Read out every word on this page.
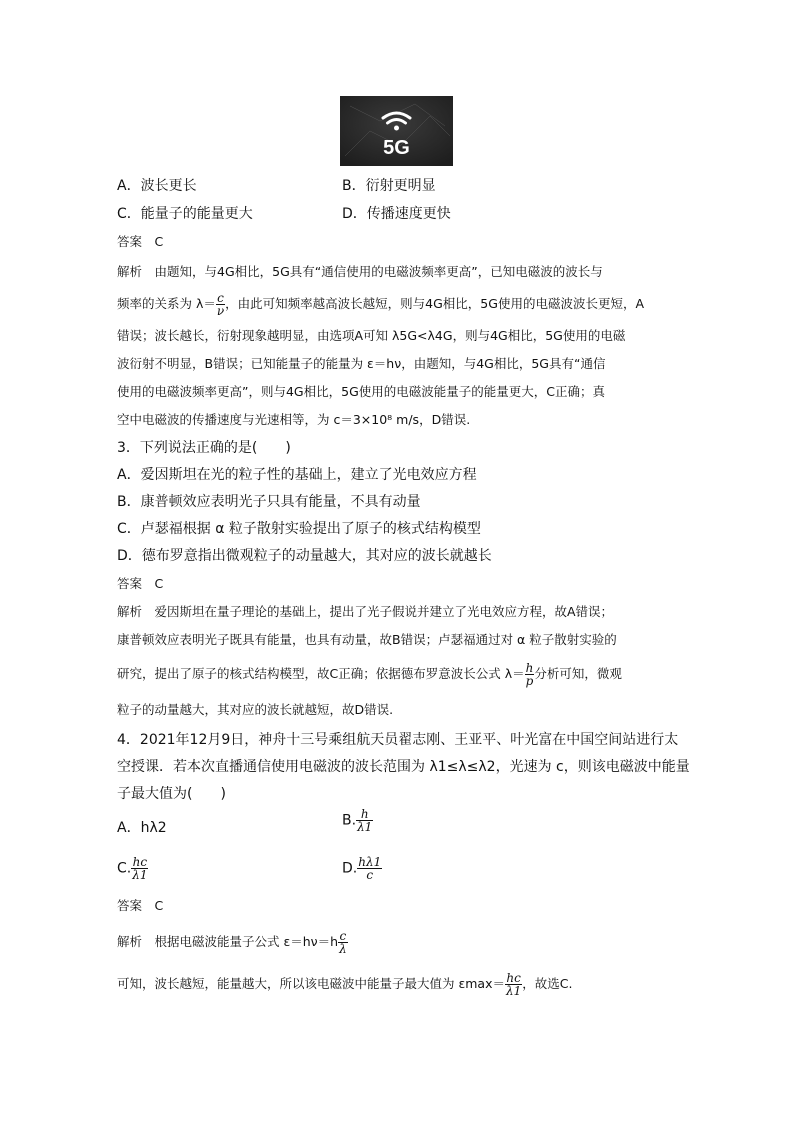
5G
A．波长更长	B．衍射更明显
C．能量子的能量更大	D．传播速度更快
答案　C
解析　由题知，与4G相比，5G具有“通信使用的电磁波频率更高”，已知电磁波的波长与
频率的关系为 $\lambda= \frac{c}{\nu}$ ，由此可知频率越高波长越短，则与4G相比，5G使用的电磁波波长更短，A
错误；波长越长，衍射现象越明显，由选项A可知 λ5G<λ4G，则与4G相比，5G使用的电磁
波衍射不明显，B错误；已知能量子的能量为 ε＝hν，由题知，与4G相比，5G具有“通信
使用的电磁波频率更高”，则与4G相比，5G使用的电磁波能量子的能量更大，C正确；真
空中电磁波的传播速度与光速相等，为 c＝3×10⁸ m/s，D错误.
3．下列说法正确的是(　　)
A．爱因斯坦在光的粒子性的基础上，建立了光电效应方程
B．康普顿效应表明光子只具有能量，不具有动量
C．卢瑟福根据 α 粒子散射实验提出了原子的核式结构模型
D．德布罗意指出微观粒子的动量越大，其对应的波长就越长
答案　C
解析　爱因斯坦在量子理论的基础上，提出了光子假说并建立了光电效应方程，故A错误；
康普顿效应表明光子既具有能量，也具有动量，故B错误；卢瑟福通过对 α 粒子散射实验的
研究，提出了原子的核式结构模型，故C正确；依据德布罗意波长公式 $\lambda= \frac{h}{p}$ 分析可知，微观
粒子的动量越大，其对应的波长就越短，故D错误.
4．2021年12月9日，神舟十三号乘组航天员翟志刚、王亚平、叶光富在中国空间站进行太
空授课．若本次直播通信使用电磁波的波长范围为 λ1≤λ≤λ2，光速为 c，则该电磁波中能量
子最大值为(　　)
A．hλ2	B. $\frac{h}{\lambda 1}$
C. $\frac{hc}{\lambda 1}$	D. $\frac{h\lambda 1}{c}$
答案　C
解析　根据电磁波能量子公式 $\varepsilon=h\nu=h \frac{c}{\lambda}$
可知，波长越短，能量越大，所以该电磁波中能量子最大值为 $\varepsilon\max= \frac{hc}{\lambda 1}$ ，故选C.
